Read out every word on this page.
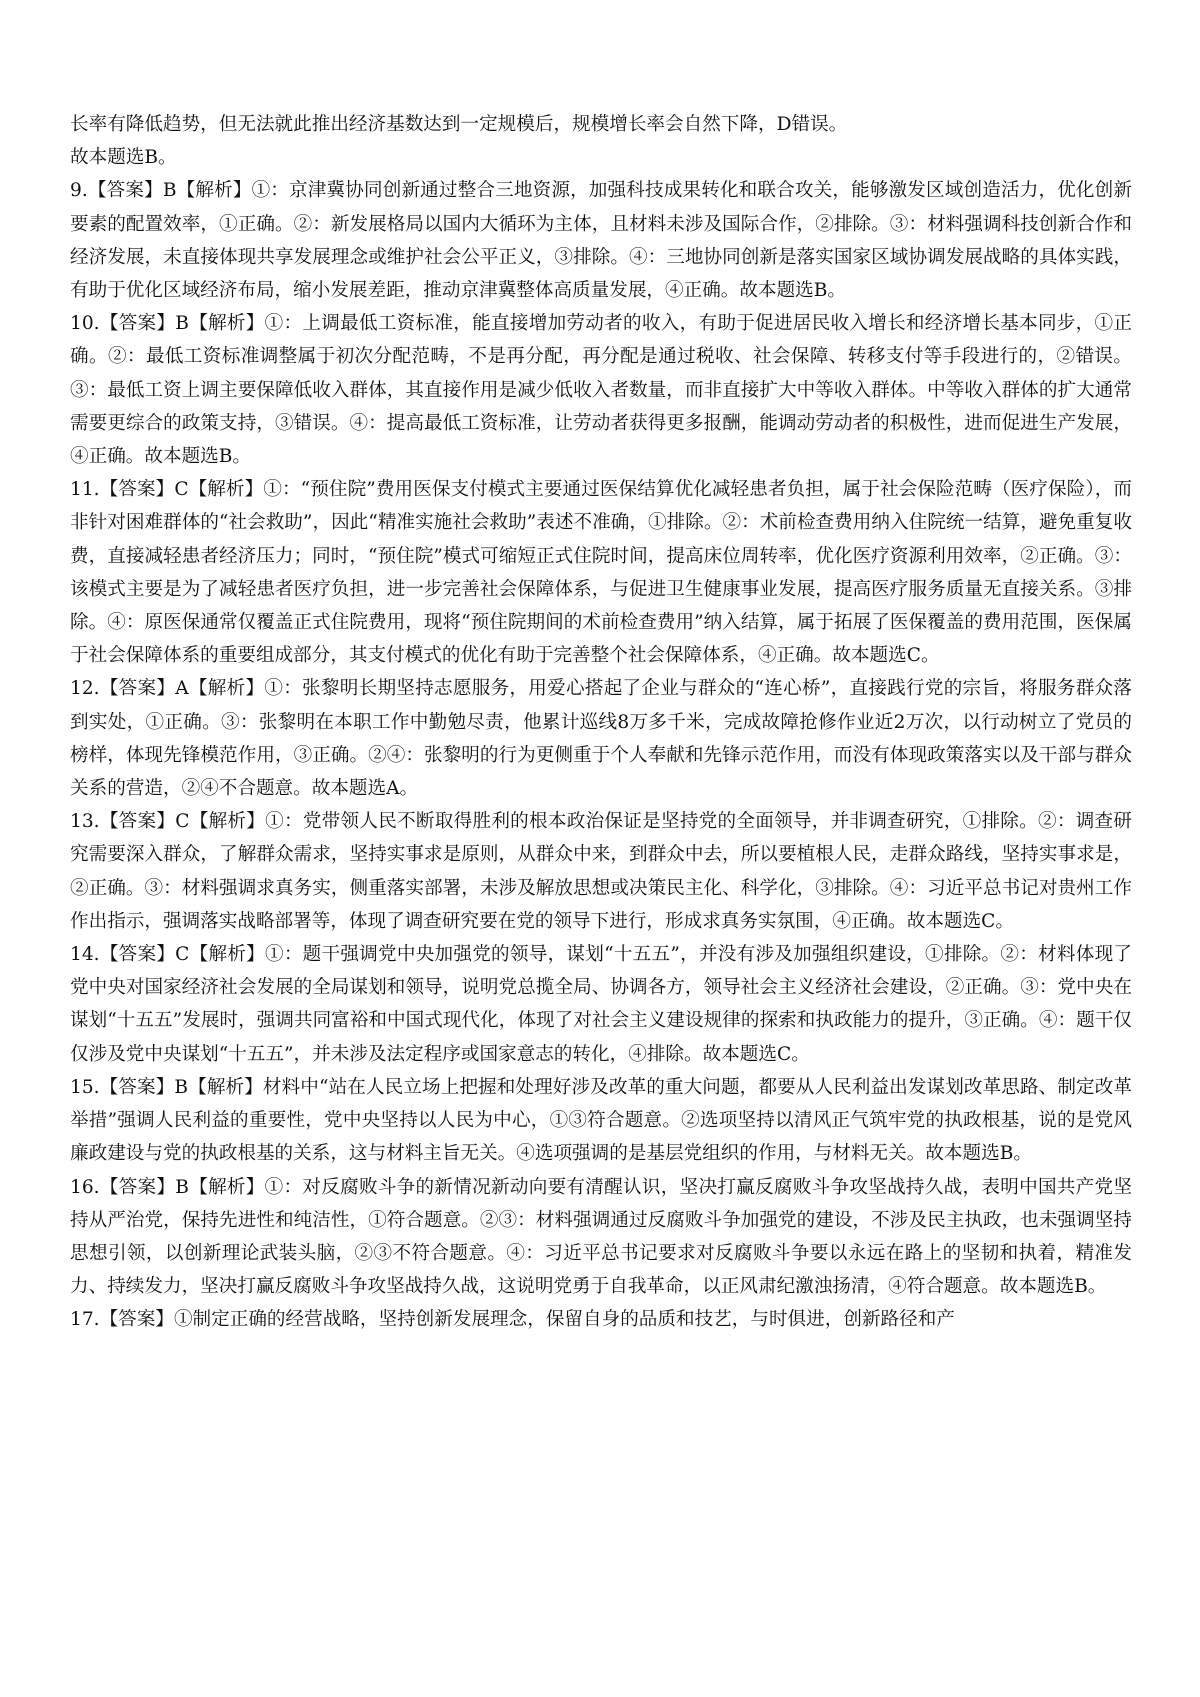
长率有降低趋势，但无法就此推出经济基数达到一定规模后，规模增长率会自然下降，D错误。

故本题选B。

9.【答案】B【解析】①：京津冀协同创新通过整合三地资源，加强科技成果转化和联合攻关，能够激发区域创造活力，优化创新要素的配置效率，①正确。②：新发展格局以国内大循环为主体，且材料未涉及国际合作，②排除。③：材料强调科技创新合作和经济发展，未直接体现共享发展理念或维护社会公平正义，③排除。④：三地协同创新是落实国家区域协调发展战略的具体实践，有助于优化区域经济布局，缩小发展差距，推动京津冀整体高质量发展，④正确。故本题选B。

10.【答案】B【解析】①：上调最低工资标准，能直接增加劳动者的收入，有助于促进居民收入增长和经济增长基本同步，①正确。②：最低工资标准调整属于初次分配范畴，不是再分配，再分配是通过税收、社会保障、转移支付等手段进行的，②错误。③：最低工资上调主要保障低收入群体，其直接作用是减少低收入者数量，而非直接扩大中等收入群体。中等收入群体的扩大通常需要更综合的政策支持，③错误。④：提高最低工资标准，让劳动者获得更多报酬，能调动劳动者的积极性，进而促进生产发展，④正确。故本题选B。

11.【答案】C【解析】①：“预住院”费用医保支付模式主要通过医保结算优化减轻患者负担，属于社会保险范畴（医疗保险），而非针对困难群体的“社会救助”，因此“精准实施社会救助”表述不准确，①排除。②：术前检查费用纳入住院统一结算，避免重复收费，直接减轻患者经济压力；同时，“预住院”模式可缩短正式住院时间，提高床位周转率，优化医疗资源利用效率，②正确。③：该模式主要是为了减轻患者医疗负担，进一步完善社会保障体系，与促进卫生健康事业发展，提高医疗服务质量无直接关系。③排除。④：原医保通常仅覆盖正式住院费用，现将“预住院期间的术前检查费用”纳入结算，属于拓展了医保覆盖的费用范围，医保属于社会保障体系的重要组成部分，其支付模式的优化有助于完善整个社会保障体系，④正确。故本题选C。

12.【答案】A【解析】①：张黎明长期坚持志愿服务，用爱心搭起了企业与群众的“连心桥”，直接践行党的宗旨，将服务群众落到实处，①正确。③：张黎明在本职工作中勤勉尽责，他累计巡线8万多千米，完成故障抢修作业近2万次，以行动树立了党员的榜样，体现先锋模范作用，③正确。②④：张黎明的行为更侧重于个人奉献和先锋示范作用，而没有体现政策落实以及干部与群众关系的营造，②④不合题意。故本题选A。

13.【答案】C【解析】①：党带领人民不断取得胜利的根本政治保证是坚持党的全面领导，并非调查研究，①排除。②：调查研究需要深入群众，了解群众需求，坚持实事求是原则，从群众中来，到群众中去，所以要植根人民，走群众路线，坚持实事求是，②正确。③：材料强调求真务实，侧重落实部署，未涉及解放思想或决策民主化、科学化，③排除。④：习近平总书记对贵州工作作出指示，强调落实战略部署等，体现了调查研究要在党的领导下进行，形成求真务实氛围，④正确。故本题选C。

14.【答案】C【解析】①：题干强调党中央加强党的领导，谋划“十五五”，并没有涉及加强组织建设，①排除。②：材料体现了党中央对国家经济社会发展的全局谋划和领导，说明党总揽全局、协调各方，领导社会主义经济社会建设，②正确。③：党中央在谋划“十五五”发展时，强调共同富裕和中国式现代化，体现了对社会主义建设规律的探索和执政能力的提升，③正确。④：题干仅仅涉及党中央谋划“十五五”，并未涉及法定程序或国家意志的转化，④排除。故本题选C。

15.【答案】B【解析】材料中“站在人民立场上把握和处理好涉及改革的重大问题，都要从人民利益出发谋划改革思路、制定改革举措”强调人民利益的重要性，党中央坚持以人民为中心，①③符合题意。②选项坚持以清风正气筑牢党的执政根基，说的是党风廉政建设与党的执政根基的关系，这与材料主旨无关。④选项强调的是基层党组织的作用，与材料无关。故本题选B。

16.【答案】B【解析】①：对反腐败斗争的新情况新动向要有清醒认识，坚决打赢反腐败斗争攻坚战持久战，表明中国共产党坚持从严治党，保持先进性和纯洁性，①符合题意。②③：材料强调通过反腐败斗争加强党的建设，不涉及民主执政，也未强调坚持思想引领，以创新理论武装头脑，②③不符合题意。④：习近平总书记要求对反腐败斗争要以永远在路上的坚韧和执着，精准发力、持续发力，坚决打赢反腐败斗争攻坚战持久战，这说明党勇于自我革命，以正风肃纪激浊扬清，④符合题意。故本题选B。

17.【答案】①制定正确的经营战略，坚持创新发展理念，保留自身的品质和技艺，与时俱进，创新路径和产
